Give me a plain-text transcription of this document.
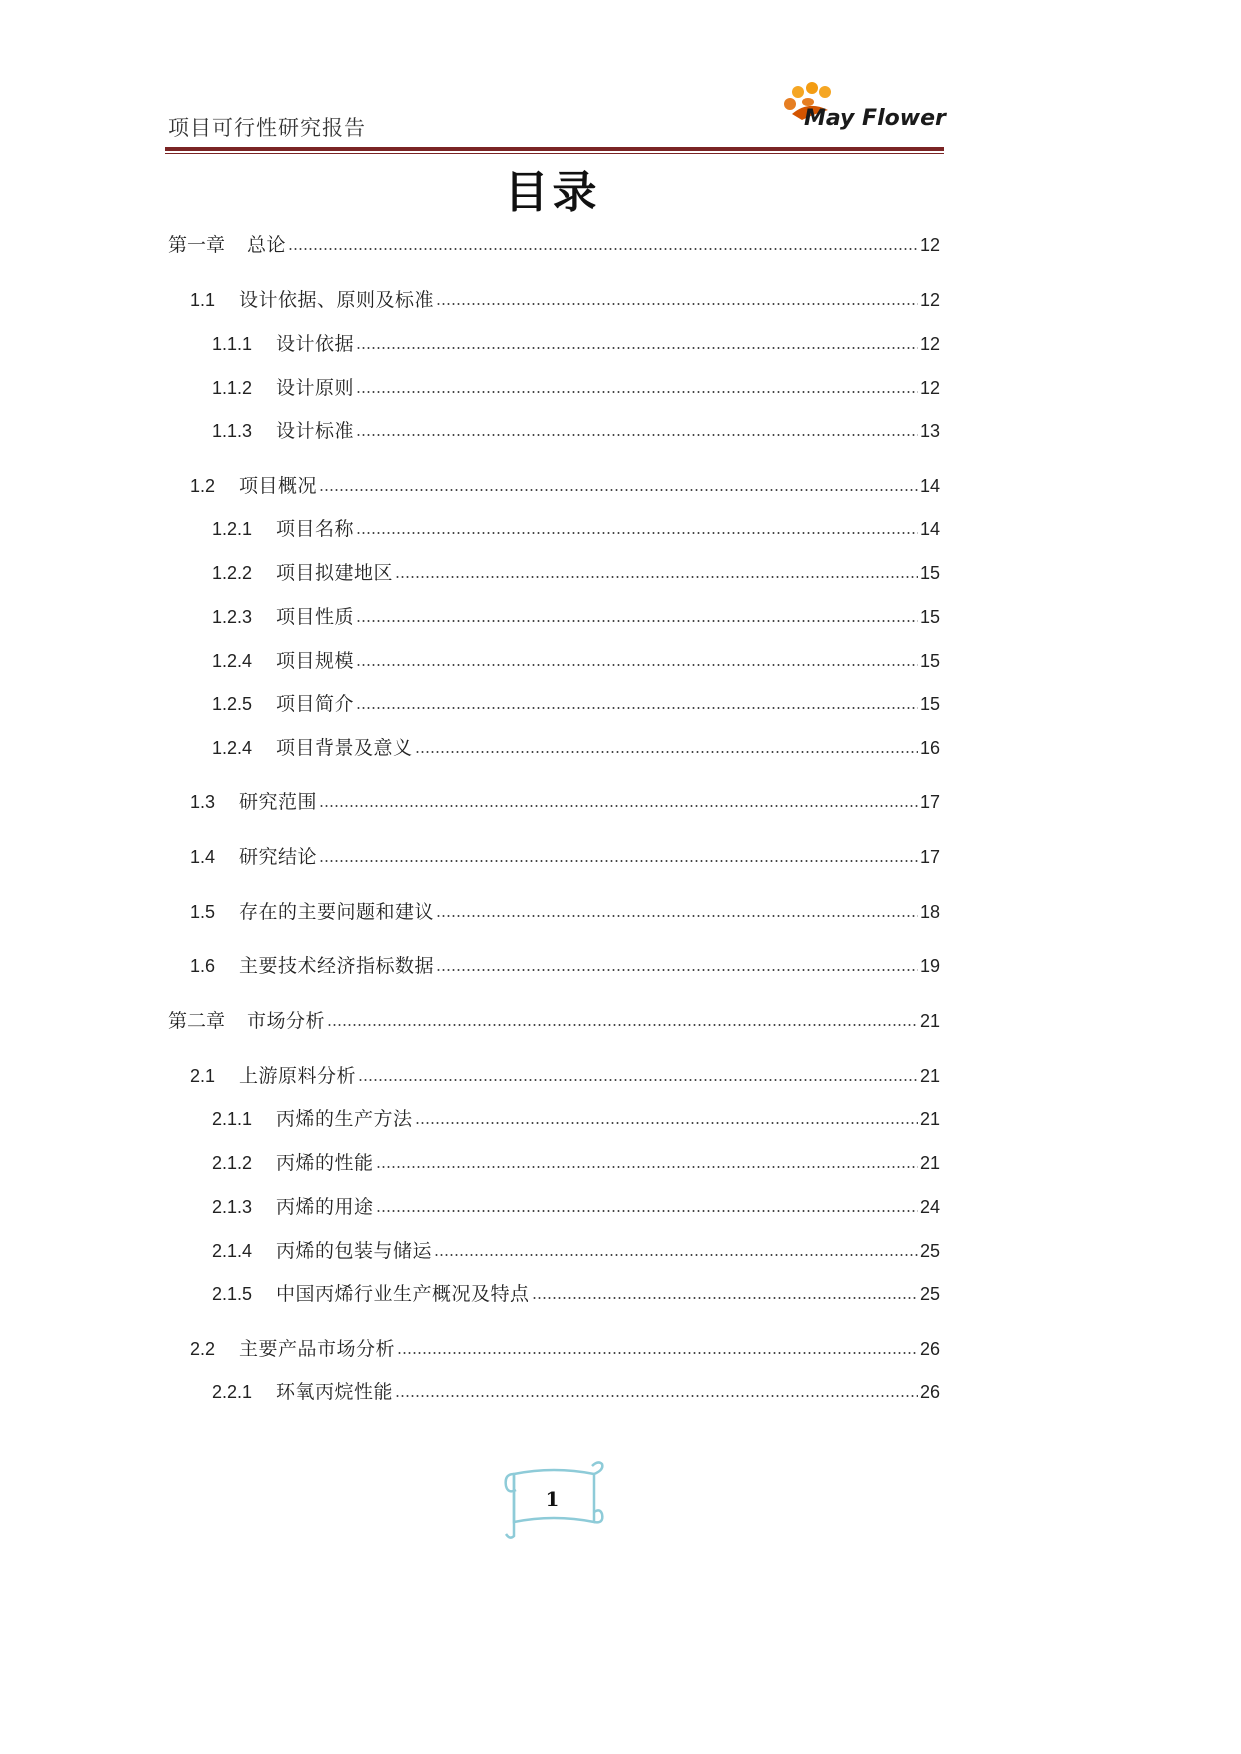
项目可行性研究报告	May Flower
目录
第一章 总论	12
1.1 设计依据、原则及标准	12
1.1.1 设计依据	12
1.1.2 设计原则	12
1.1.3 设计标准	13
1.2 项目概况	14
1.2.1 项目名称	14
1.2.2 项目拟建地区	15
1.2.3 项目性质	15
1.2.4 项目规模	15
1.2.5 项目简介	15
1.2.4 项目背景及意义	16
1.3 研究范围	17
1.4 研究结论	17
1.5 存在的主要问题和建议	18
1.6 主要技术经济指标数据	19
第二章 市场分析	21
2.1 上游原料分析	21
2.1.1 丙烯的生产方法	21
2.1.2 丙烯的性能	21
2.1.3 丙烯的用途	24
2.1.4 丙烯的包装与储运	25
2.1.5 中国丙烯行业生产概况及特点	25
2.2 主要产品市场分析	26
2.2.1 环氧丙烷性能	26
1
